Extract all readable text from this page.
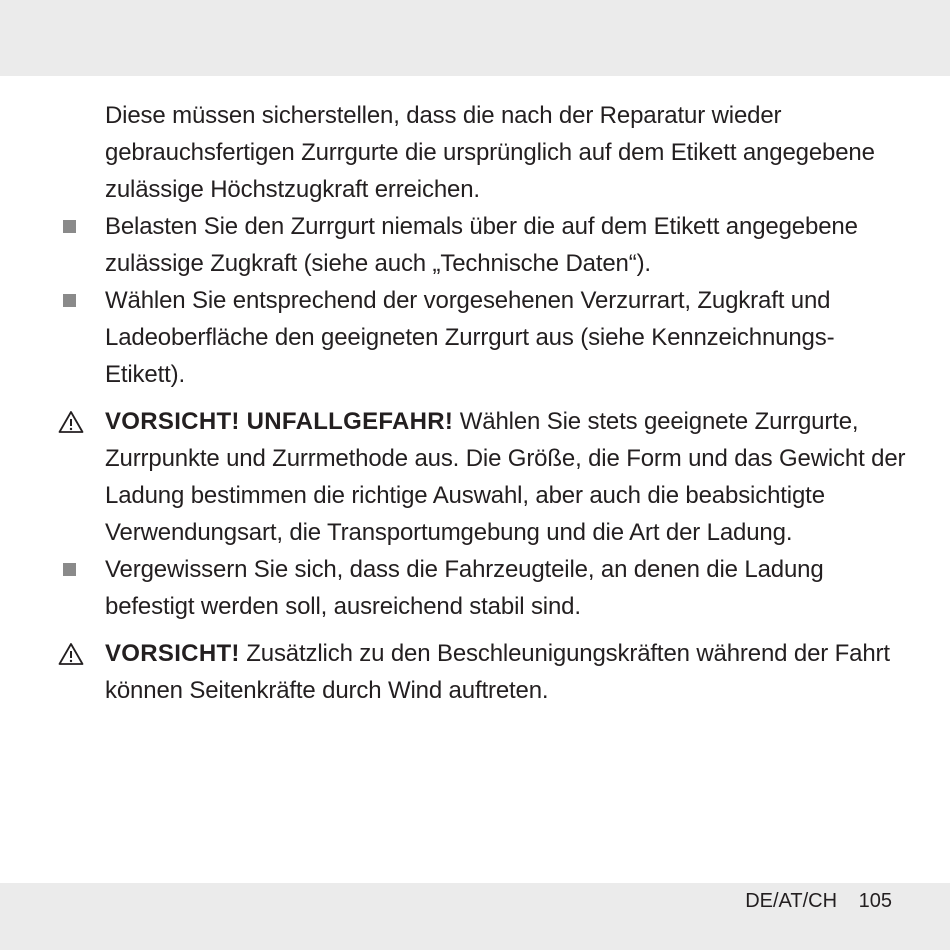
Diese müssen sicherstellen, dass die nach der Reparatur wieder gebrauchsfertigen Zurrgurte die ursprünglich auf dem Etikett angegebene zulässige Höchstzugkraft erreichen.
Belasten Sie den Zurrgurt niemals über die auf dem Etikett angegebene zulässige Zugkraft (siehe auch „Technische Daten“).
Wählen Sie entsprechend der vorgesehenen Verzurrart, Zugkraft und Ladeoberfläche den geeigneten Zurrgurt aus (siehe Kennzeichnungs-Etikett).
VORSICHT! UNFALLGEFAHR! Wählen Sie stets geeignete Zurrgurte, Zurrpunkte und Zurrmethode aus. Die Größe, die Form und das Gewicht der Ladung bestimmen die richtige Auswahl, aber auch die beabsichtigte Verwendungsart, die Transportumgebung und die Art der Ladung.
Vergewissern Sie sich, dass die Fahrzeugteile, an denen die Ladung befestigt werden soll, ausreichend stabil sind.
VORSICHT! Zusätzlich zu den Beschleunigungskräften während der Fahrt können Seitenkräfte durch Wind auftreten.
DE/AT/CH 105
